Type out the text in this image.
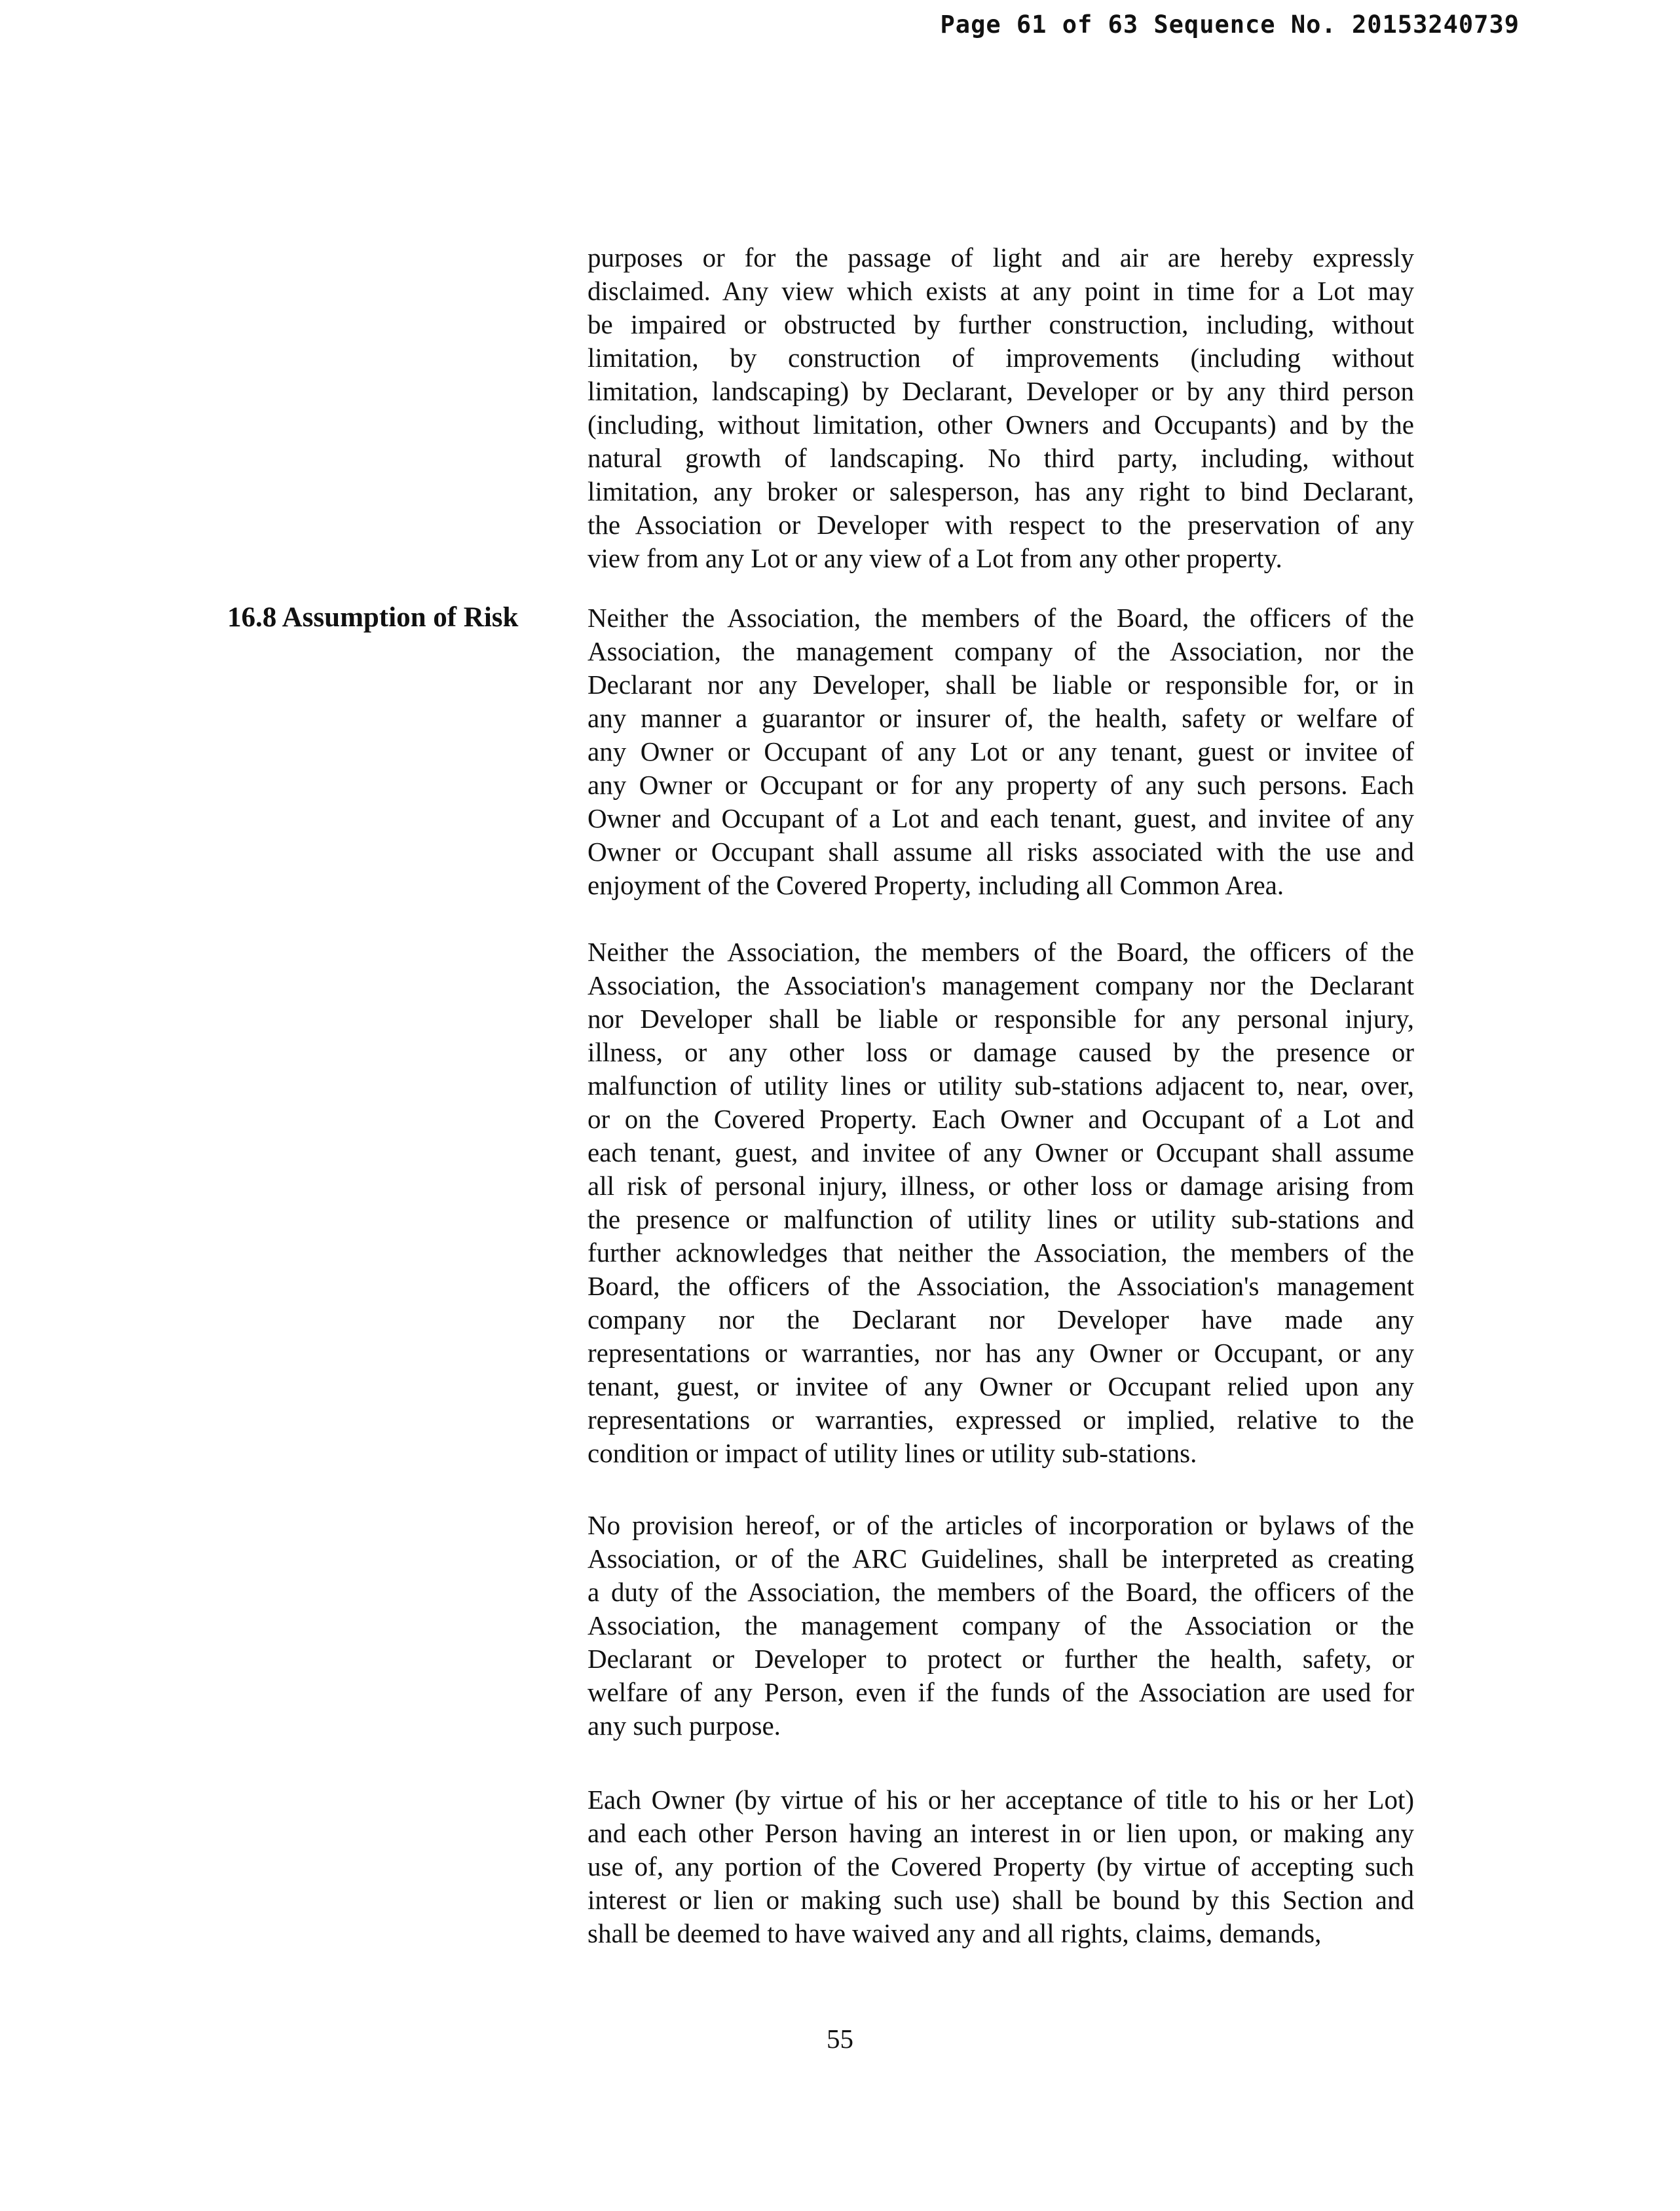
Page 61 of 63 Sequence No. 20153240739
16.8 Assumption of Risk
purposes or for the passage of light and air are hereby expressly
disclaimed. Any view which exists at any point in time for a Lot may
be impaired or obstructed by further construction, including, without
limitation, by construction of improvements (including without
limitation, landscaping) by Declarant, Developer or by any third person
(including, without limitation, other Owners and Occupants) and by the
natural growth of landscaping. No third party, including, without
limitation, any broker or salesperson, has any right to bind Declarant,
the Association or Developer with respect to the preservation of any
view from any Lot or any view of a Lot from any other property.
Neither the Association, the members of the Board, the officers of the
Association, the management company of the Association, nor the
Declarant nor any Developer, shall be liable or responsible for, or in
any manner a guarantor or insurer of, the health, safety or welfare of
any Owner or Occupant of any Lot or any tenant, guest or invitee of
any Owner or Occupant or for any property of any such persons. Each
Owner and Occupant of a Lot and each tenant, guest, and invitee of any
Owner or Occupant shall assume all risks associated with the use and
enjoyment of the Covered Property, including all Common Area.
Neither the Association, the members of the Board, the officers of the
Association, the Association's management company nor the Declarant
nor Developer shall be liable or responsible for any personal injury,
illness, or any other loss or damage caused by the presence or
malfunction of utility lines or utility sub-stations adjacent to, near, over,
or on the Covered Property. Each Owner and Occupant of a Lot and
each tenant, guest, and invitee of any Owner or Occupant shall assume
all risk of personal injury, illness, or other loss or damage arising from
the presence or malfunction of utility lines or utility sub-stations and
further acknowledges that neither the Association, the members of the
Board, the officers of the Association, the Association's management
company nor the Declarant nor Developer have made any
representations or warranties, nor has any Owner or Occupant, or any
tenant, guest, or invitee of any Owner or Occupant relied upon any
representations or warranties, expressed or implied, relative to the
condition or impact of utility lines or utility sub-stations.
No provision hereof, or of the articles of incorporation or bylaws of the
Association, or of the ARC Guidelines, shall be interpreted as creating
a duty of the Association, the members of the Board, the officers of the
Association, the management company of the Association or the
Declarant or Developer to protect or further the health, safety, or
welfare of any Person, even if the funds of the Association are used for
any such purpose.
Each Owner (by virtue of his or her acceptance of title to his or her Lot)
and each other Person having an interest in or lien upon, or making any
use of, any portion of the Covered Property (by virtue of accepting such
interest or lien or making such use) shall be bound by this Section and
shall be deemed to have waived any and all rights, claims, demands,
55
